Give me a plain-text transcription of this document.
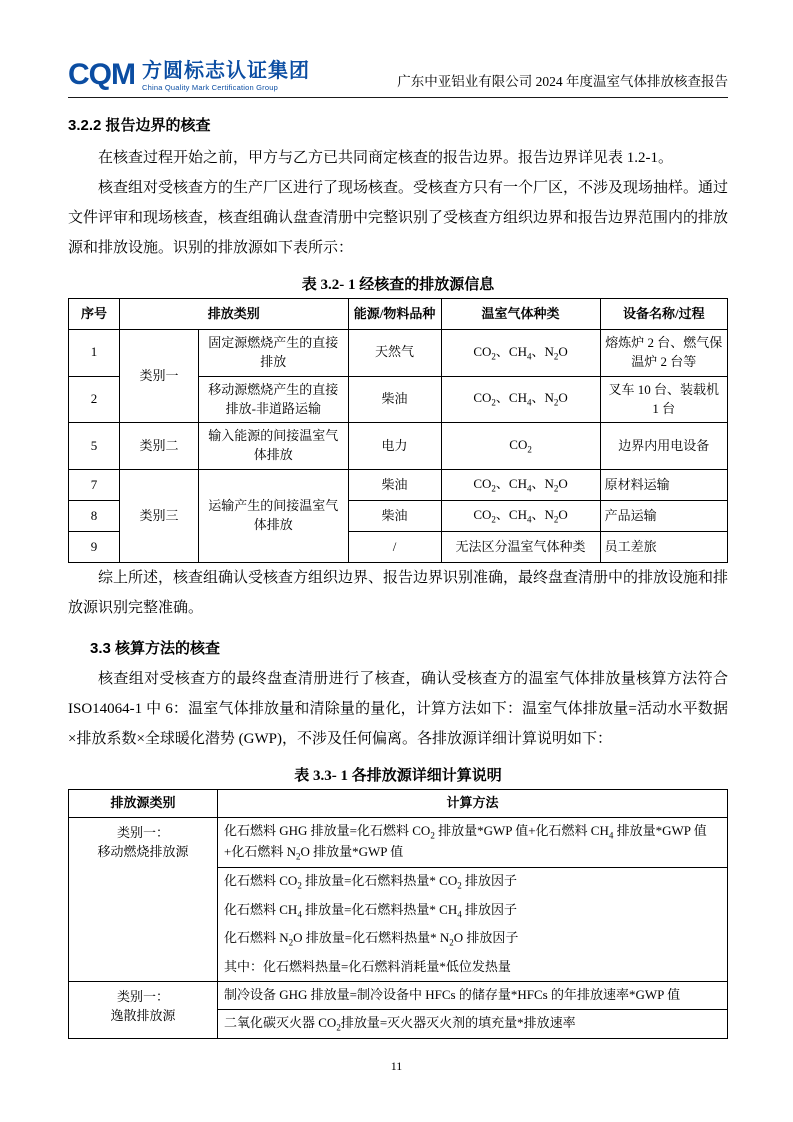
CQM 方圆标志认证集团
China Quality Mark Certification Group	广东中亚铝业有限公司 2024 年度温室气体排放核查报告
3.2.2 报告边界的核查

在核查过程开始之前，甲方与乙方已共同商定核查的报告边界。报告边界详见表 1.2-1。

核查组对受核查方的生产厂区进行了现场核查。受核查方只有一个厂区，不涉及现场抽样。通过文件评审和现场核查，核查组确认盘查清册中完整识别了受核查方组织边界和报告边界范围内的排放源和排放设施。识别的排放源如下表所示：

表 3.2- 1 经核查的排放源信息
序号	排放类别		能源/物料品种	温室气体种类	设备名称/过程
1	类别一	固定源燃烧产生的直接排放	天然气	$CO_2$、$CH_4$、$N_2O$	熔炼炉 2 台、燃气保温炉 2 台等
2		移动源燃烧产生的直接排放-非道路运输	柴油	$CO_2$、$CH_4$、$N_2O$	叉车 10 台、装载机 1 台
5	类别二	输入能源的间接温室气体排放	电力	$CO_2$	边界内用电设备
7	类别三	运输产生的间接温室气体排放	柴油	$CO_2$、$CH_4$、$N_2O$	原材料运输
8			柴油	$CO_2$、$CH_4$、$N_2O$	产品运输
9			/	无法区分温室气体种类	员工差旅

综上所述，核查组确认受核查方组织边界、报告边界识别准确，最终盘查清册中的排放设施和排放源识别完整准确。

3.3 核算方法的核查

核查组对受核查方的最终盘查清册进行了核查，确认受核查方的温室气体排放量核算方法符合 ISO14064-1 中 6：温室气体排放量和清除量的量化，计算方法如下：温室气体排放量=活动水平数据×排放系数×全球暖化潜势 (GWP)，不涉及任何偏离。各排放源详细计算说明如下：

表 3.3- 1 各排放源详细计算说明
排放源类别	计算方法

类别一：
移动燃烧排放源	化石燃料 GHG 排放量=化石燃料 $CO_2$ 排放量*GWP 值+化石燃料 $CH_4$ 排放量*GWP 值+化石燃料 $N_2O$ 排放量*GWP 值
	化石燃料 $CO_2$ 排放量=化石燃料热量* $CO_2$ 排放因子
	化石燃料 $CH_4$ 排放量=化石燃料热量* $CH_4$ 排放因子
	化石燃料 $N_2O$ 排放量=化石燃料热量* $N_2O$ 排放因子
	其中：化石燃料热量=化石燃料消耗量*低位发热量

类别一：
逸散排放源	制冷设备 GHG 排放量=制冷设备中 HFCs 的储存量*HFCs 的年排放速率*GWP 值
	二氧化碳灭火器 $CO_2$排放量=灭火器灭火剂的填充量*排放速率
11
